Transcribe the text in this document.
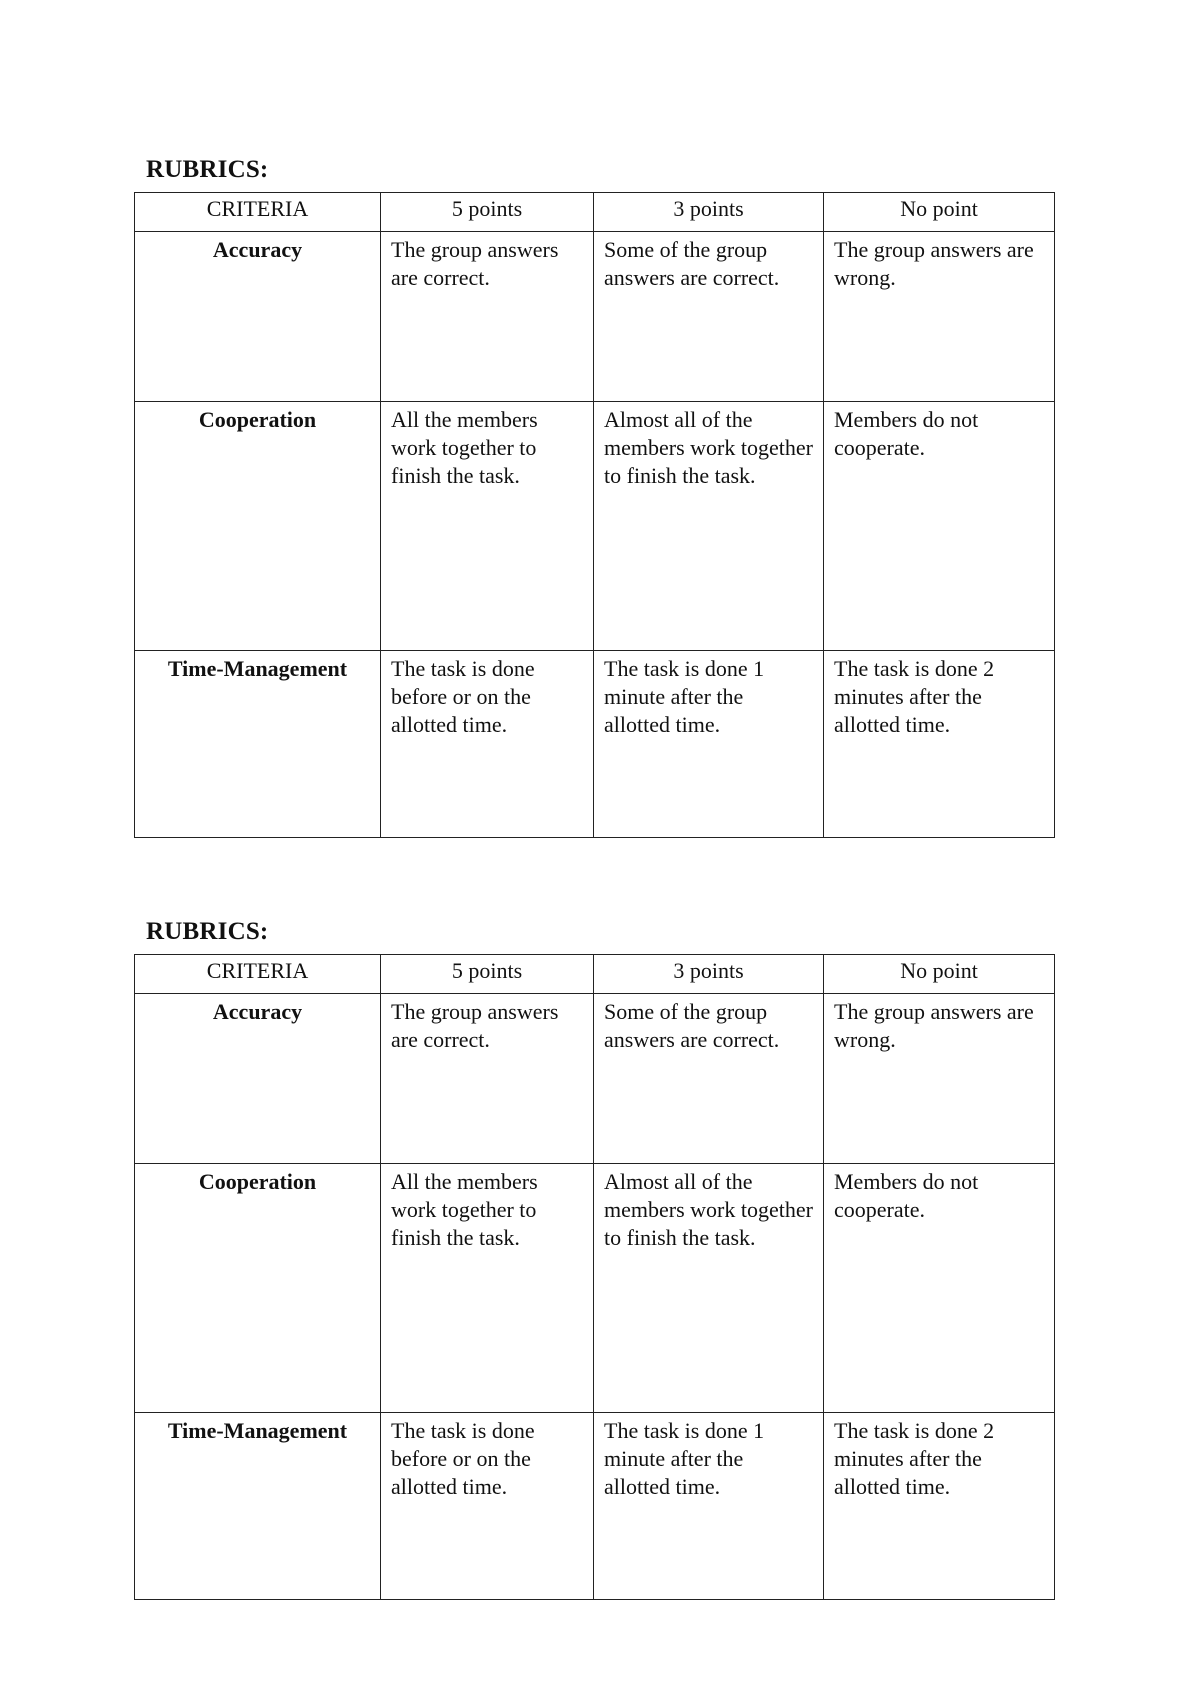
RUBRICS:
CRITERIA	5 points	3 points	No point
Accuracy	The group answers are correct.	Some of the group answers are correct.	The group answers are wrong.
Cooperation	All the members work together to finish the task.	Almost all of the members work together to finish the task.	Members do not cooperate.
Time-Management	The task is done before or on the allotted time.	The task is done 1 minute after the allotted time.	The task is done 2 minutes after the allotted time.
RUBRICS:
CRITERIA	5 points	3 points	No point
Accuracy	The group answers are correct.	Some of the group answers are correct.	The group answers are wrong.
Cooperation	All the members work together to finish the task.	Almost all of the members work together to finish the task.	Members do not cooperate.
Time-Management	The task is done before or on the allotted time.	The task is done 1 minute after the allotted time.	The task is done 2 minutes after the allotted time.
